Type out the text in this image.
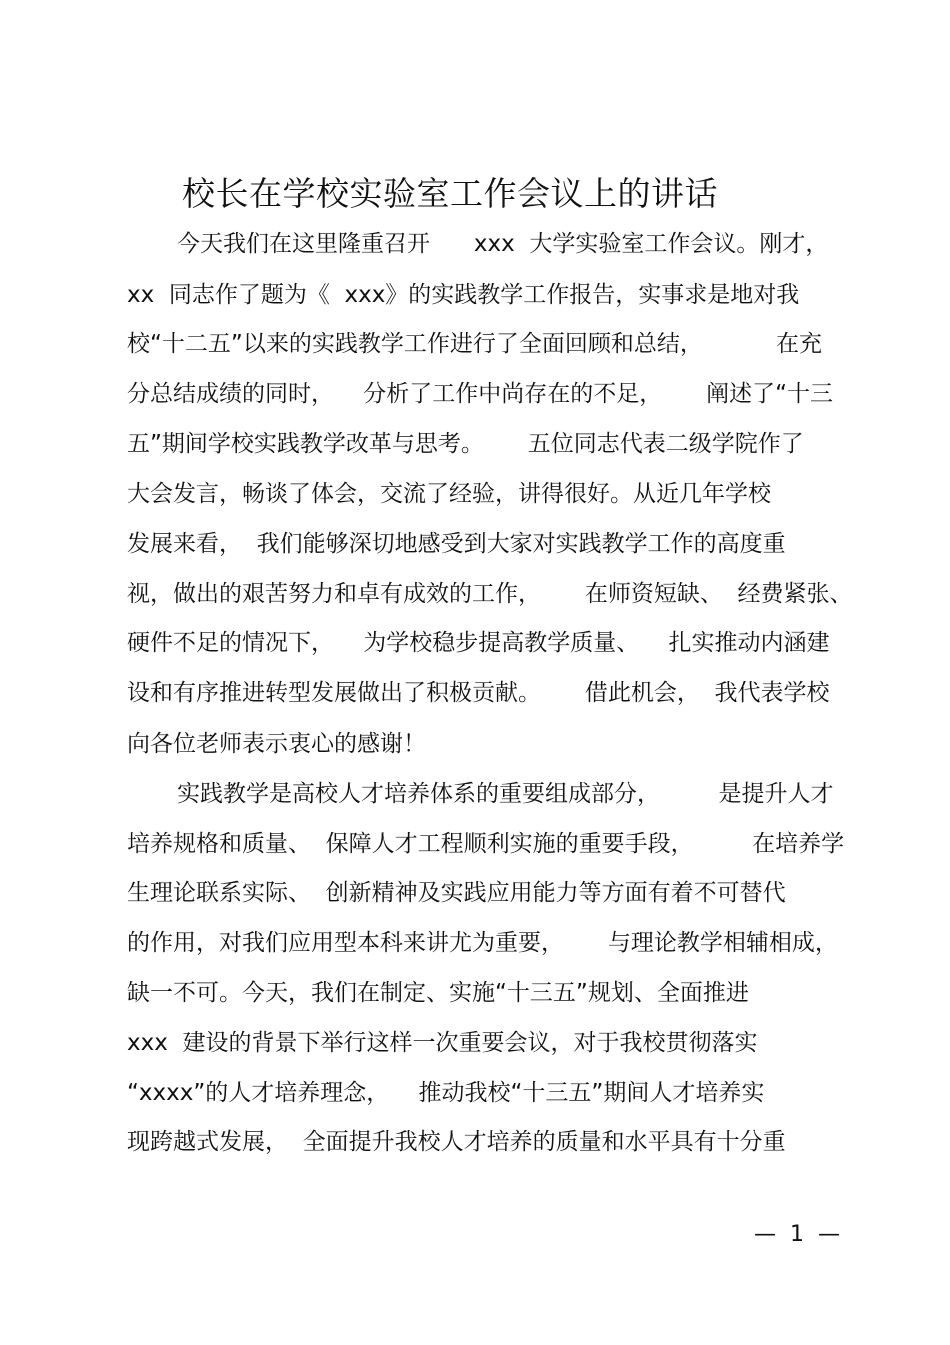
校长在学校实验室工作会议上的讲话

今天我们在这里隆重召开      xxx  大学实验室工作会议。刚才，

xx  同志作了题为《  xxx》的实践教学工作报告，实事求是地对我

校“十二五”以来的实践教学工作进行了全面回顾和总结，          在充

分总结成绩的同时，    分析了工作中尚存在的不足，      阐述了“十三

五”期间学校实践教学改革与思考。      五位同志代表二级学院作了

大会发言，畅谈了体会，交流了经验，讲得很好。从近几年学校

发展来看，  我们能够深切地感受到大家对实践教学工作的高度重

视，做出的艰苦努力和卓有成效的工作，      在师资短缺、  经费紧张、

硬件不足的情况下，    为学校稳步提高教学质量、    扎实推动内涵建

设和有序推进转型发展做出了积极贡献。      借此机会，  我代表学校

向各位老师表示衷心的感谢！

实践教学是高校人才培养体系的重要组成部分，        是提升人才

培养规格和质量、  保障人才工程顺利实施的重要手段，        在培养学

生理论联系实际、  创新精神及实践应用能力等方面有着不可替代

的作用，对我们应用型本科来讲尤为重要，      与理论教学相辅相成，

缺一不可。今天，我们在制定、实施“十三五”规划、全面推进

xxx  建设的背景下举行这样一次重要会议，对于我校贯彻落实

“xxxx”的人才培养理念，    推动我校“十三五”期间人才培养实

现跨越式发展，  全面提升我校人才培养的质量和水平具有十分重

—  1  —
